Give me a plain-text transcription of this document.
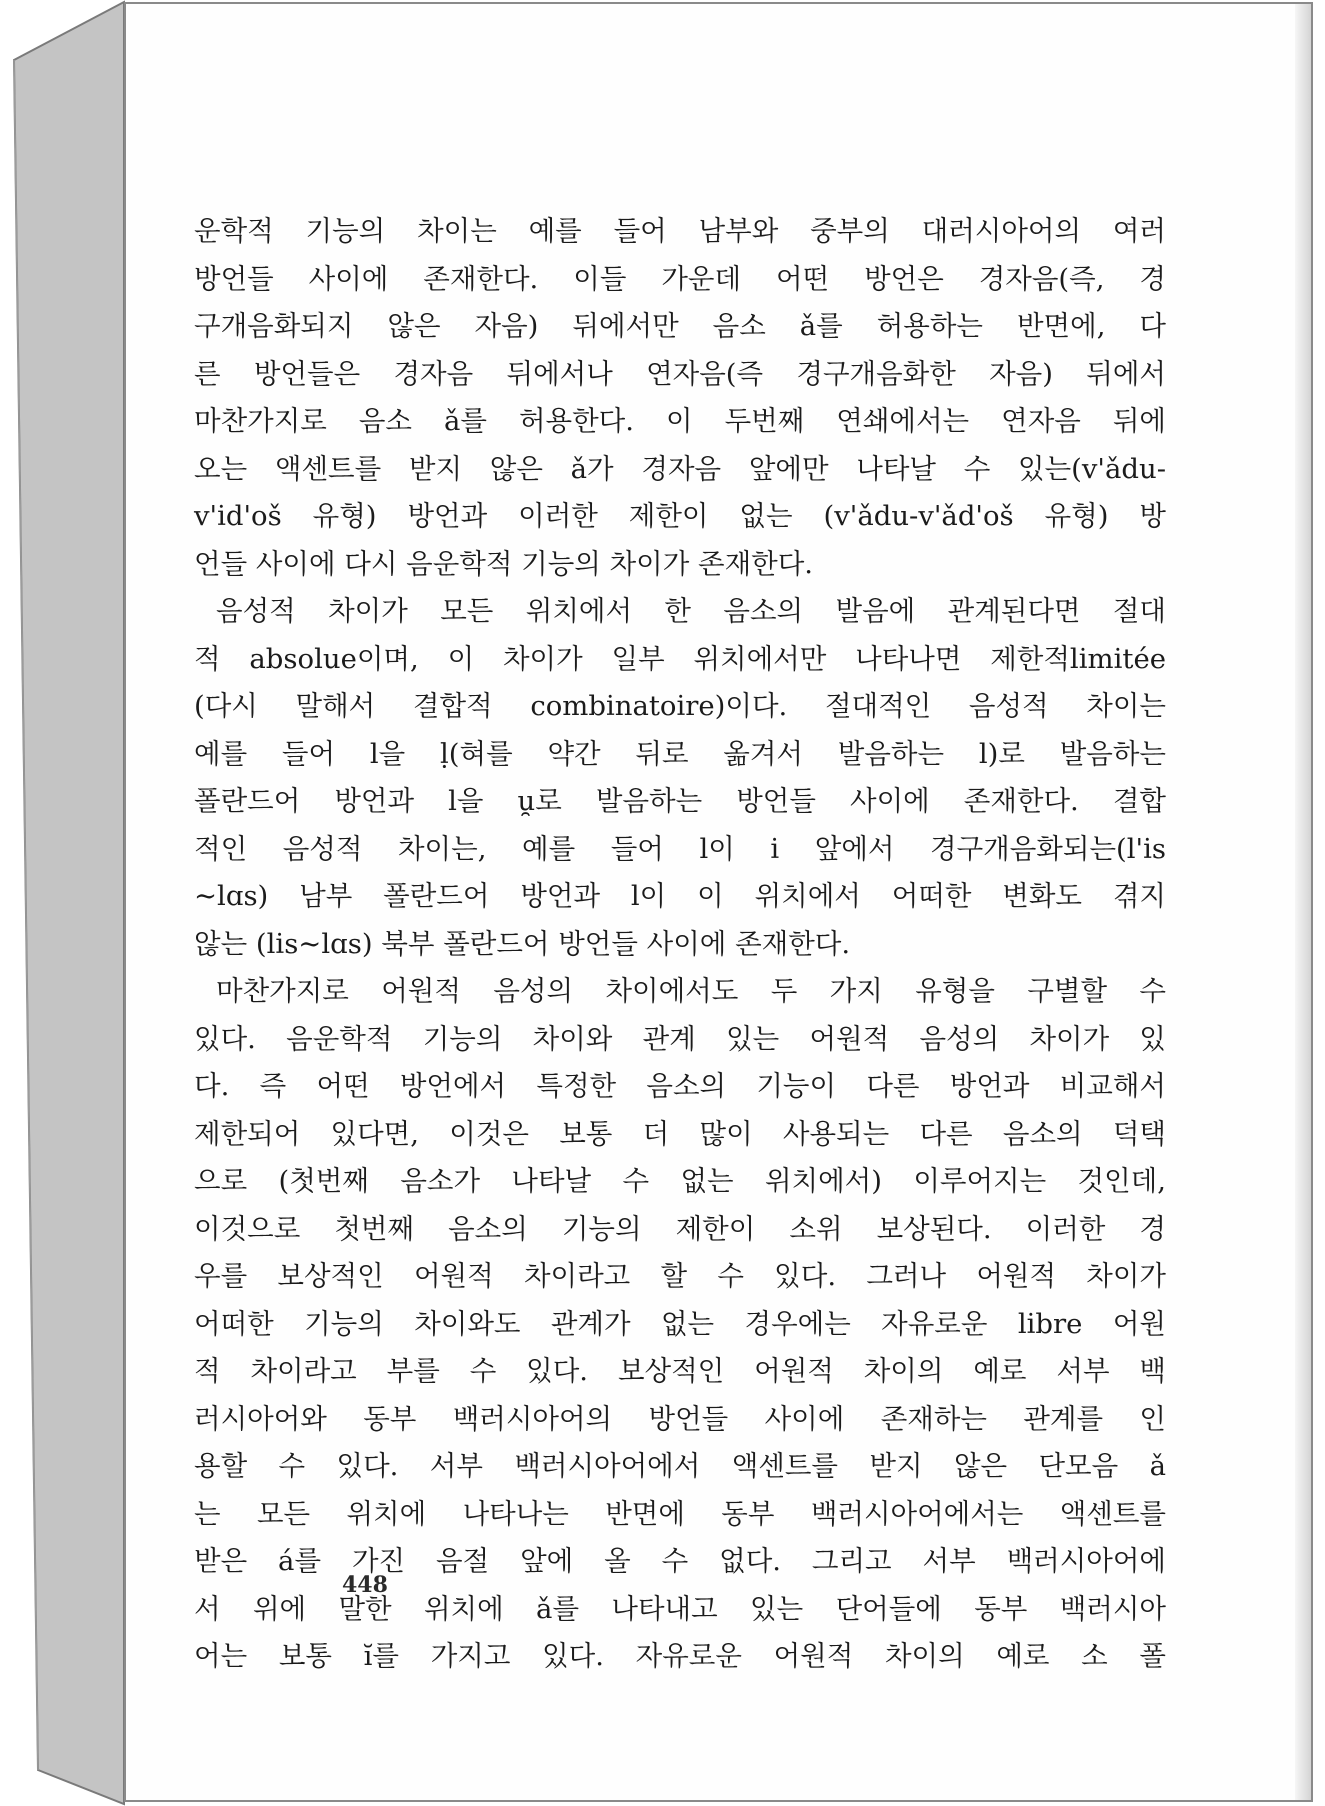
운학적 기능의 차이는 예를 들어 남부와 중부의 대러시아어의 여러
방언들 사이에 존재한다. 이들 가운데 어떤 방언은 경자음(즉, 경
구개음화되지 않은 자음) 뒤에서만 음소 ǎ를 허용하는 반면에, 다
른 방언들은 경자음 뒤에서나 연자음(즉 경구개음화한 자음) 뒤에서
마찬가지로 음소 ǎ를 허용한다. 이 두번째 연쇄에서는 연자음 뒤에
오는 액센트를 받지 않은 ǎ가 경자음 앞에만 나타날 수 있는(v'ǎdu-
v'id'oš 유형) 방언과 이러한 제한이 없는 (v'ǎdu-v'ǎd'oš 유형) 방
언들 사이에 다시 음운학적 기능의 차이가 존재한다.
음성적 차이가 모든 위치에서 한 음소의 발음에 관계된다면 절대
적 absolue이며, 이 차이가 일부 위치에서만 나타나면 제한적limitée
(다시 말해서 결합적 combinatoire)이다. 절대적인 음성적 차이는
예를 들어 l을 ḷ(혀를 약간 뒤로 옮겨서 발음하는 l)로 발음하는
폴란드어 방언과 l을 u̯로 발음하는 방언들 사이에 존재한다. 결합
적인 음성적 차이는, 예를 들어 l이 i 앞에서 경구개음화되는(l'is
∼lɑs) 남부 폴란드어 방언과 l이 이 위치에서 어떠한 변화도 겪지
않는 (lis∼lɑs) 북부 폴란드어 방언들 사이에 존재한다.
마찬가지로 어원적 음성의 차이에서도 두 가지 유형을 구별할 수
있다. 음운학적 기능의 차이와 관계 있는 어원적 음성의 차이가 있
다. 즉 어떤 방언에서 특정한 음소의 기능이 다른 방언과 비교해서
제한되어 있다면, 이것은 보통 더 많이 사용되는 다른 음소의 덕택
으로 (첫번째 음소가 나타날 수 없는 위치에서) 이루어지는 것인데,
이것으로 첫번째 음소의 기능의 제한이 소위 보상된다. 이러한 경
우를 보상적인 어원적 차이라고 할 수 있다. 그러나 어원적 차이가
어떠한 기능의 차이와도 관계가 없는 경우에는 자유로운 libre 어원
적 차이라고 부를 수 있다. 보상적인 어원적 차이의 예로 서부 백
러시아어와 동부 백러시아어의 방언들 사이에 존재하는 관계를 인
용할 수 있다. 서부 백러시아어에서 액센트를 받지 않은 단모음 ǎ
는 모든 위치에 나타나는 반면에 동부 백러시아어에서는 액센트를
받은 á를 가진 음절 앞에 올 수 없다. 그리고 서부 백러시아어에
서 위에 말한 위치에 ǎ를 나타내고 있는 단어들에 동부 백러시아
어는 보통 ĭ를 가지고 있다. 자유로운 어원적 차이의 예로 소 폴
448
